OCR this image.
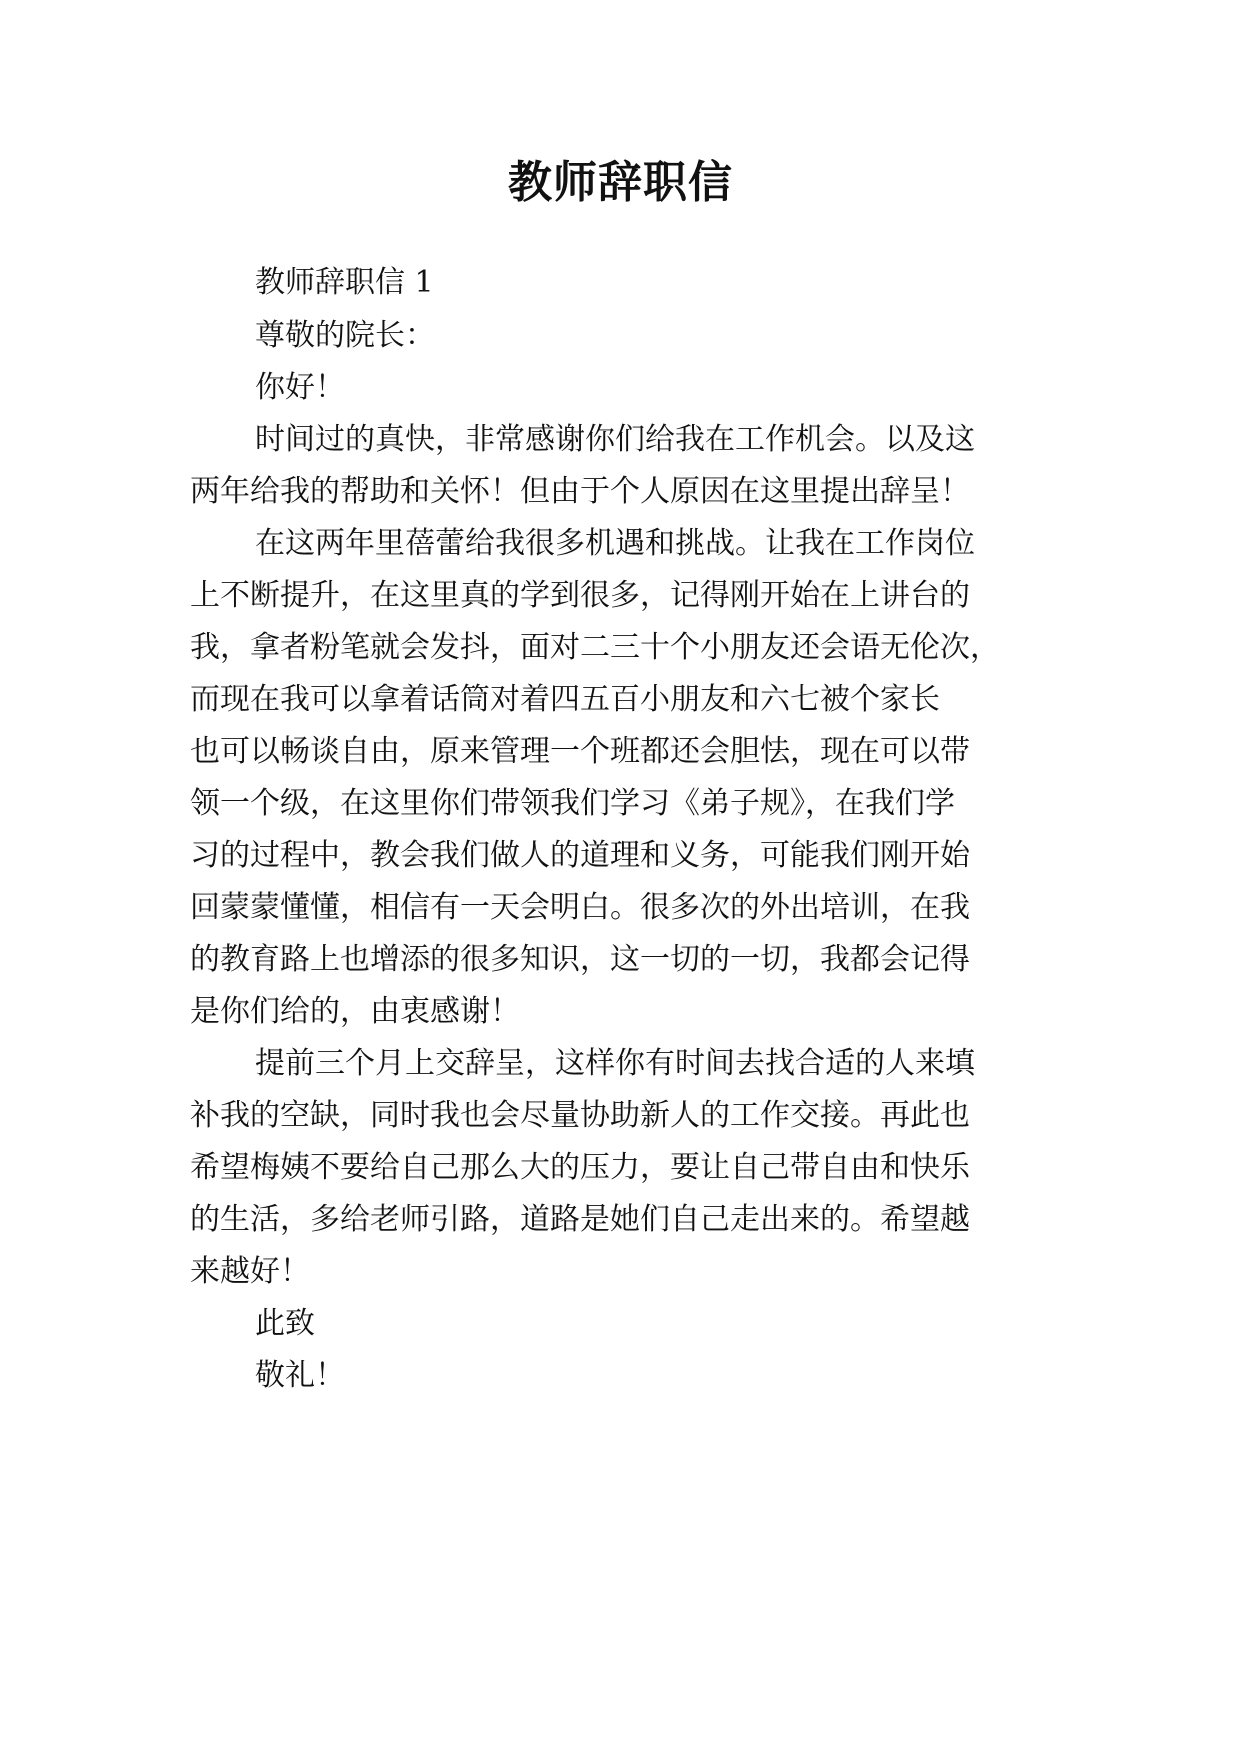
教师辞职信

教师辞职信 1

尊敬的院长：

你好！

时间过的真快，非常感谢你们给我在工作机会。以及这

两年给我的帮助和关怀！但由于个人原因在这里提出辞呈！

在这两年里蓓蕾给我很多机遇和挑战。让我在工作岗位

上不断提升，在这里真的学到很多，记得刚开始在上讲台的

我，拿者粉笔就会发抖，面对二三十个小朋友还会语无伦次，

而现在我可以拿着话筒对着四五百小朋友和六七被个家长

也可以畅谈自由，原来管理一个班都还会胆怯，现在可以带

领一个级，在这里你们带领我们学习《弟子规》，在我们学

习的过程中，教会我们做人的道理和义务，可能我们刚开始

回蒙蒙懂懂，相信有一天会明白。很多次的外出培训，在我

的教育路上也增添的很多知识，这一切的一切，我都会记得

是你们给的，由衷感谢！

提前三个月上交辞呈，这样你有时间去找合适的人来填

补我的空缺，同时我也会尽量协助新人的工作交接。再此也

希望梅姨不要给自己那么大的压力，要让自己带自由和快乐

的生活，多给老师引路，道路是她们自己走出来的。希望越

来越好！

此致

敬礼！
